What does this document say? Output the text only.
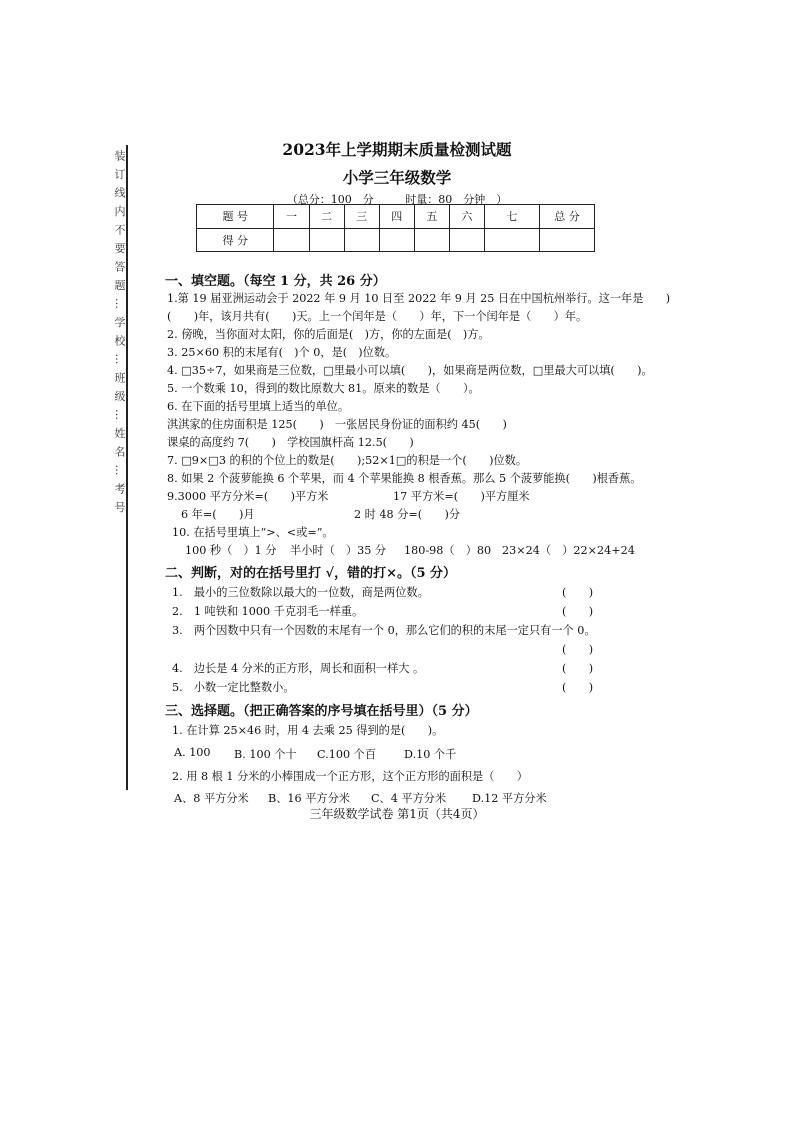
装 订 线 内 不 要 答 题 … 学 校 … 班 级 … 姓 名 … 考 号
2023年上学期期末质量检测试题
小学三年级数学
（总分：100　分	时量：80　分钟　）
题 号	一	二	三	四	五	六	七	总 分
得 分								
一、填空题。（每空 1 分，共 26 分）
1.第 19 届亚洲运动会于 2022 年 9 月 10 日至 2022 年 9 月 25 日在中国杭州举行。这一年是　　)
(　　)年，该月共有(　　)天。上一个闰年是（　　）年，下一个闰年是（　　）年。
2. 傍晚，当你面对太阳，你的后面是(　)方，你的左面是(　)方。
3. 25×60 积的末尾有(　)个 0，是(　)位数。
4. □35÷7，如果商是三位数，□里最小可以填(　　)，如果商是两位数，□里最大可以填(　　)。
5. 一个数乘 10，得到的数比原数大 81。原来的数是（　　）。
6. 在下面的括号里填上适当的单位。
淇淇家的住房面积是 125(　　)　一张居民身份证的面积约 45(　　)
课桌的高度约 7(　　)　学校国旗杆高 12.5(　　)
7. □9×□3 的积的个位上的数是(　　);52×1□的积是一个(　　)位数。
8. 如果 2 个菠萝能换 6 个苹果，而 4 个苹果能换 8 根香蕉。那么 5 个菠萝能换(　　)根香蕉。
9.3000 平方分米=(　　)平方米	17 平方米=(　　)平方厘米
6 年=(　　)月	2 时 48 分=(　　)分
10. 在括号里填上“>、<或=”。
100 秒（　）1 分 半小时（　）35 分 180-98（　）80 23×24（　）22×24+24
二、判断，对的在括号里打 √，错的打×。（5 分）
1.　最小的三位数除以最大的一位数，商是两位数。	(　　)
2.　1 吨铁和 1000 千克羽毛一样重。	(　　)
3.　两个因数中只有一个因数的末尾有一个 0，那么它们的积的末尾一定只有一个 0。
(　　)
4.　边长是 4 分米的正方形，周长和面积一样大 。	(　　)
5.　小数一定比整数小。	(　　)
三、选择题。（把正确答案的序号填在括号里）（5 分）
1. 在计算 25×46 时，用 4 去乘 25 得到的是(　　)。
A. 100 B. 100 个十 C.100 个百 D.10 个千
2. 用 8 根 1 分米的小棒围成一个正方形，这个正方形的面积是（　　）
A、8 平方分米 B、16 平方分米 C、4 平方分米 D.12 平方分米
三年级数学试卷 第1页（共4页）
